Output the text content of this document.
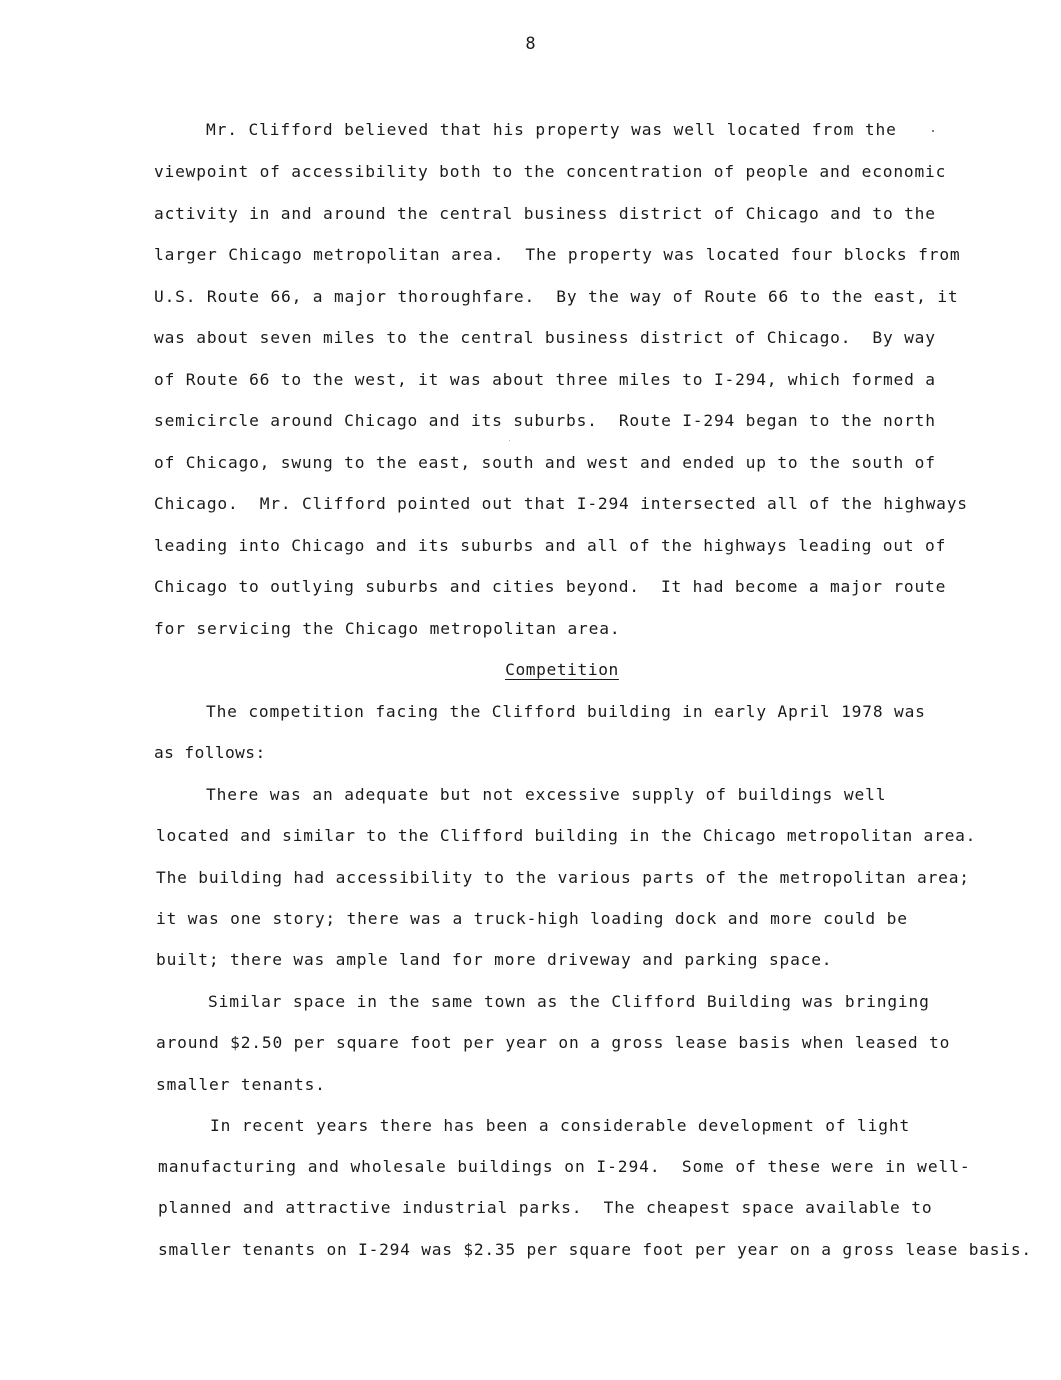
8
Mr. Clifford believed that his property was well located from the
viewpoint of accessibility both to the concentration of people and economic
activity in and around the central business district of Chicago and to the
larger Chicago metropolitan area.  The property was located four blocks from
U.S. Route 66, a major thoroughfare.  By the way of Route 66 to the east, it
was about seven miles to the central business district of Chicago.  By way
of Route 66 to the west, it was about three miles to I-294, which formed a
semicircle around Chicago and its suburbs.  Route I-294 began to the north
of Chicago, swung to the east, south and west and ended up to the south of
Chicago.  Mr. Clifford pointed out that I-294 intersected all of the highways
leading into Chicago and its suburbs and all of the highways leading out of
Chicago to outlying suburbs and cities beyond.  It had become a major route
for servicing the Chicago metropolitan area.
Competition
The competition facing the Clifford building in early April 1978 was
as follows:
There was an adequate but not excessive supply of buildings well
located and similar to the Clifford building in the Chicago metropolitan area.
The building had accessibility to the various parts of the metropolitan area;
it was one story; there was a truck-high loading dock and more could be
built; there was ample land for more driveway and parking space.
Similar space in the same town as the Clifford Building was bringing
around $2.50 per square foot per year on a gross lease basis when leased to
smaller tenants.
In recent years there has been a considerable development of light
manufacturing and wholesale buildings on I-294.  Some of these were in well-
planned and attractive industrial parks.  The cheapest space available to
smaller tenants on I-294 was $2.35 per square foot per year on a gross lease basis.
